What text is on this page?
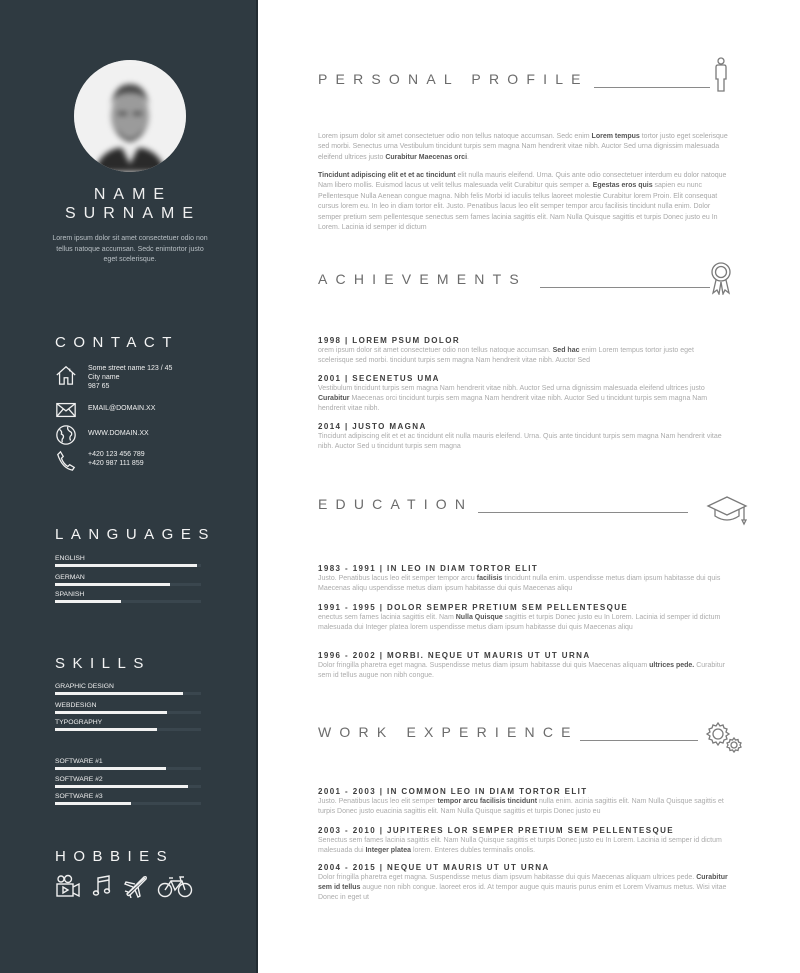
NAME
SURNAME
Lorem ipsum dolor sit amet consectetuer odio non tellus natoque accumsan. Sedc enimtortor justo eget scelerisque.
CONTACT
Some street name 123 / 45
City name
987 65
EMAIL@DOMAIN.XX
WWW.DOMAIN.XX
+420 123 456 789
+420 987 111 859
LANGUAGES
ENGLISH
GERMAN
SPANISH
SKILLS
GRAPHIC DESIGN
WEBDESIGN
TYPOGRAPHY
SOFTWARE #1
SOFTWARE #2
SOFTWARE #3
HOBBIES
PERSONAL PROFILE
Lorem ipsum dolor sit amet consectetuer odio non tellus natoque accumsan. Sedc enim Lorem tempus tortor justo eget scelerisque sed morbi. Senectus urna Vestibulum tincidunt turpis sem magna Nam hendrerit vitae nibh. Auctor Sed urna dignissim malesuada eleifend ultrices justo Curabitur Maecenas orci.
Tincidunt adipiscing elit et et ac tincidunt elit nulla mauris eleifend. Urna. Quis ante odio consectetuer interdum eu dolor natoque Nam libero mollis. Euismod lacus ut velit tellus malesuada velit Curabitur quis semper a. Egestas eros quis sapien eu nunc Pellentesque Nulla Aenean congue magna. Nibh felis Morbi id iaculis tellus laoreet molestie Curabitur lorem Proin. Elit consequat cursus lorem eu. In leo in diam tortor elit. Justo. Penatibus lacus leo elit semper tempor arcu facilisis tincidunt nulla enim. Dolor semper pretium sem pellentesque senectus sem fames lacinia sagittis elit. Nam Nulla Quisque sagittis et turpis Donec justo eu In Lorem. Lacinia id semper id dictum
ACHIEVEMENTS
1998 | LOREM PSUM DOLOR
orem ipsum dolor sit amet consectetuer odio non tellus natoque accumsan. Sed hac enim Lorem tempus tortor justo eget scelerisque sed morbi. tincidunt turpis sem magna Nam hendrerit vitae nibh. Auctor Sed
2001 | SECENETUS UMA
Vestibulum tincidunt turpis sem magna Nam hendrerit vitae nibh. Auctor Sed urna dignissim malesuada eleifend ultrices justo Curabitur Maecenas orci tincidunt turpis sem magna Nam hendrerit vitae nibh. Auctor Sed u tincidunt turpis sem magna Nam hendrerit vitae nibh.
2014 | JUSTO MAGNA
Tincidunt adipiscing elit et et ac tincidunt elit nulla mauris eleifend. Urna. Quis ante tincidunt turpis sem magna Nam hendrerit vitae nibh. Auctor Sed u tincidunt turpis sem magna
EDUCATION
1983 - 1991 | IN LEO IN DIAM TORTOR ELIT
Justo. Penatibus lacus leo elit semper tempor arcu facilisis tincidunt nulla enim. uspendisse metus diam ipsum habitasse dui quis Maecenas aliqu uspendisse metus diam ipsum habitasse dui quis Maecenas aliqu
1991 - 1995 | DOLOR SEMPER PRETIUM SEM PELLENTESQUE
enectus sem fames lacinia sagittis elit. Nam Nulla Quisque sagittis et turpis Donec justo eu In Lorem. Lacinia id semper id dictum malesuada dui Integer platea lorem uspendisse metus diam ipsum habitasse dui quis Maecenas aliqu
1996 - 2002 | MORBI. NEQUE UT MAURIS UT UT URNA
Dolor fringilla pharetra eget magna. Suspendisse metus diam ipsum habitasse dui quis Maecenas aliquam ultrices pede. Curabitur sem id tellus augue non nibh congue.
WORK EXPERIENCE
2001 - 2003 | IN COMMON LEO IN DIAM TORTOR ELIT
Justo. Penatibus lacus leo elit semper tempor arcu facilisis tincidunt nulla enim. acinia sagittis elit. Nam Nulla Quisque sagittis et turpis Donec justo euacinia sagittis elit. Nam Nulla Quisque sagittis et turpis Donec justo eu
2003 - 2010 | JUPITERES LOR SEMPER PRETIUM SEM PELLENTESQUE
Senectus sem fames lacinia sagittis elit. Nam Nulla Quisque sagittis et turpis Donec justo eu In Lorem. Lacinia id semper id dictum malesuada dui Integer platea lorem. Enteres dubles terminalis onolis.
2004 - 2015 | NEQUE UT MAURIS UT UT URNA
Dolor fringilla pharetra eget magna. Suspendisse metus diam ipsvum habitasse dui quis Maecenas aliquam ultrices pede. Curabitur sem id tellus augue non nibh congue. laoreet eros id. At tempor augue quis mauris purus enim et Lorem Vivamus metus. Wisi vitae Donec in eget ut
